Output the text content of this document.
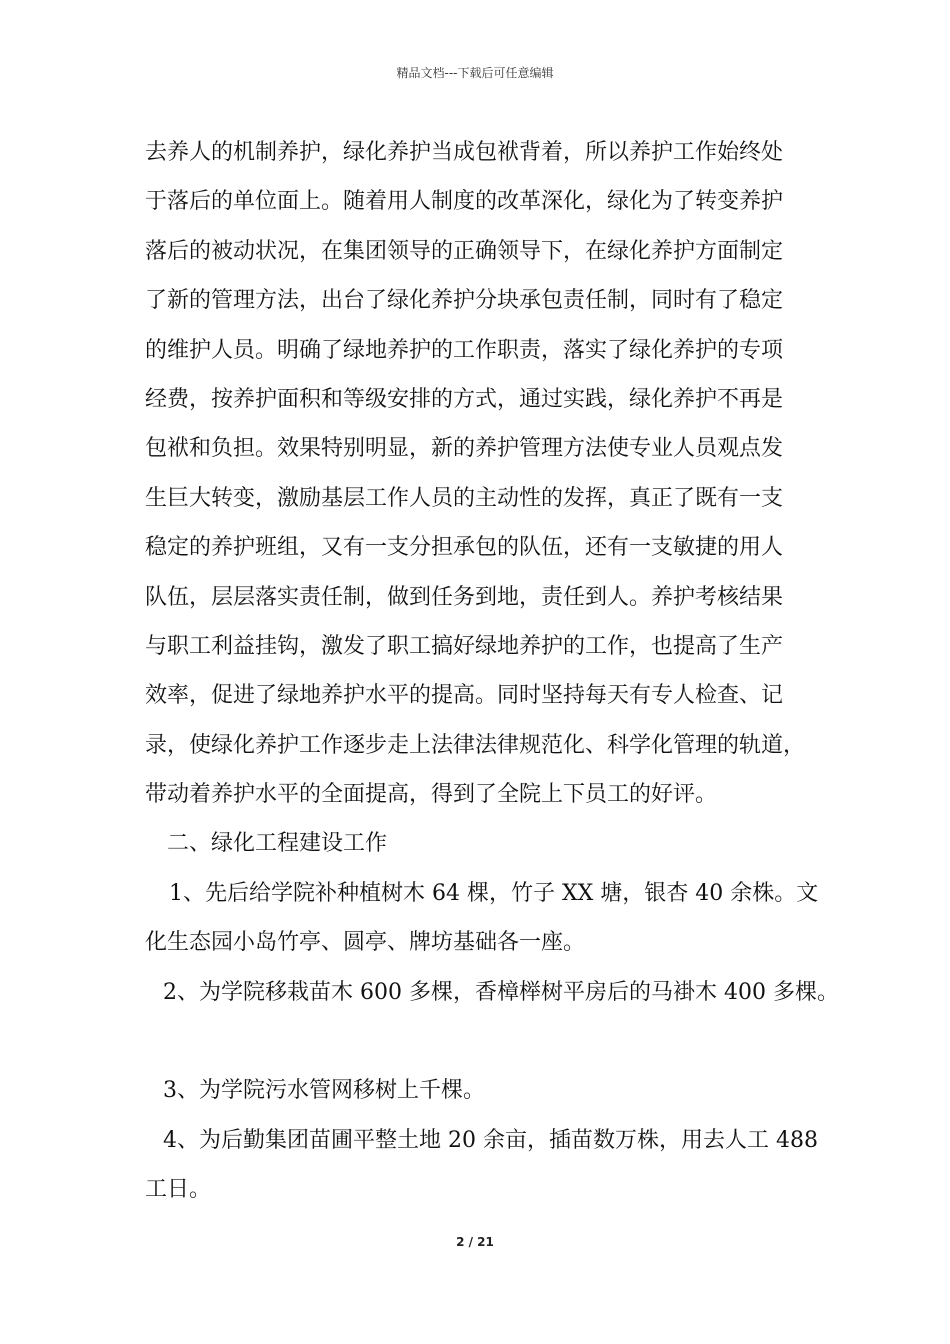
精品文档---下载后可任意编辑
去养人的机制养护，绿化养护当成包袱背着，所以养护工作始终处
于落后的单位面上。随着用人制度的改革深化，绿化为了转变养护
落后的被动状况，在集团领导的正确领导下，在绿化养护方面制定
了新的管理方法，出台了绿化养护分块承包责任制，同时有了稳定
的维护人员。明确了绿地养护的工作职责，落实了绿化养护的专项
经费，按养护面积和等级安排的方式，通过实践，绿化养护不再是
包袱和负担。效果特别明显，新的养护管理方法使专业人员观点发
生巨大转变，激励基层工作人员的主动性的发挥，真正了既有一支
稳定的养护班组，又有一支分担承包的队伍，还有一支敏捷的用人
队伍，层层落实责任制，做到任务到地，责任到人。养护考核结果
与职工利益挂钩，激发了职工搞好绿地养护的工作，也提高了生产
效率，促进了绿地养护水平的提高。同时坚持每天有专人检查、记
录，使绿化养护工作逐步走上法律法律规范化、科学化管理的轨道，
带动着养护水平的全面提高，得到了全院上下员工的好评。
二、绿化工程建设工作
1、先后给学院补种植树木 64 棵，竹子 XX 塘，银杏 40 余株。文
化生态园小岛竹亭、圆亭、牌坊基础各一座。
2、为学院移栽苗木 600 多棵，香樟榉树平房后的马褂木 400 多棵。
3、为学院污水管网移树上千棵。
4、为后勤集团苗圃平整土地 20 余亩，插苗数万株，用去人工 488
工日。
2 / 21
